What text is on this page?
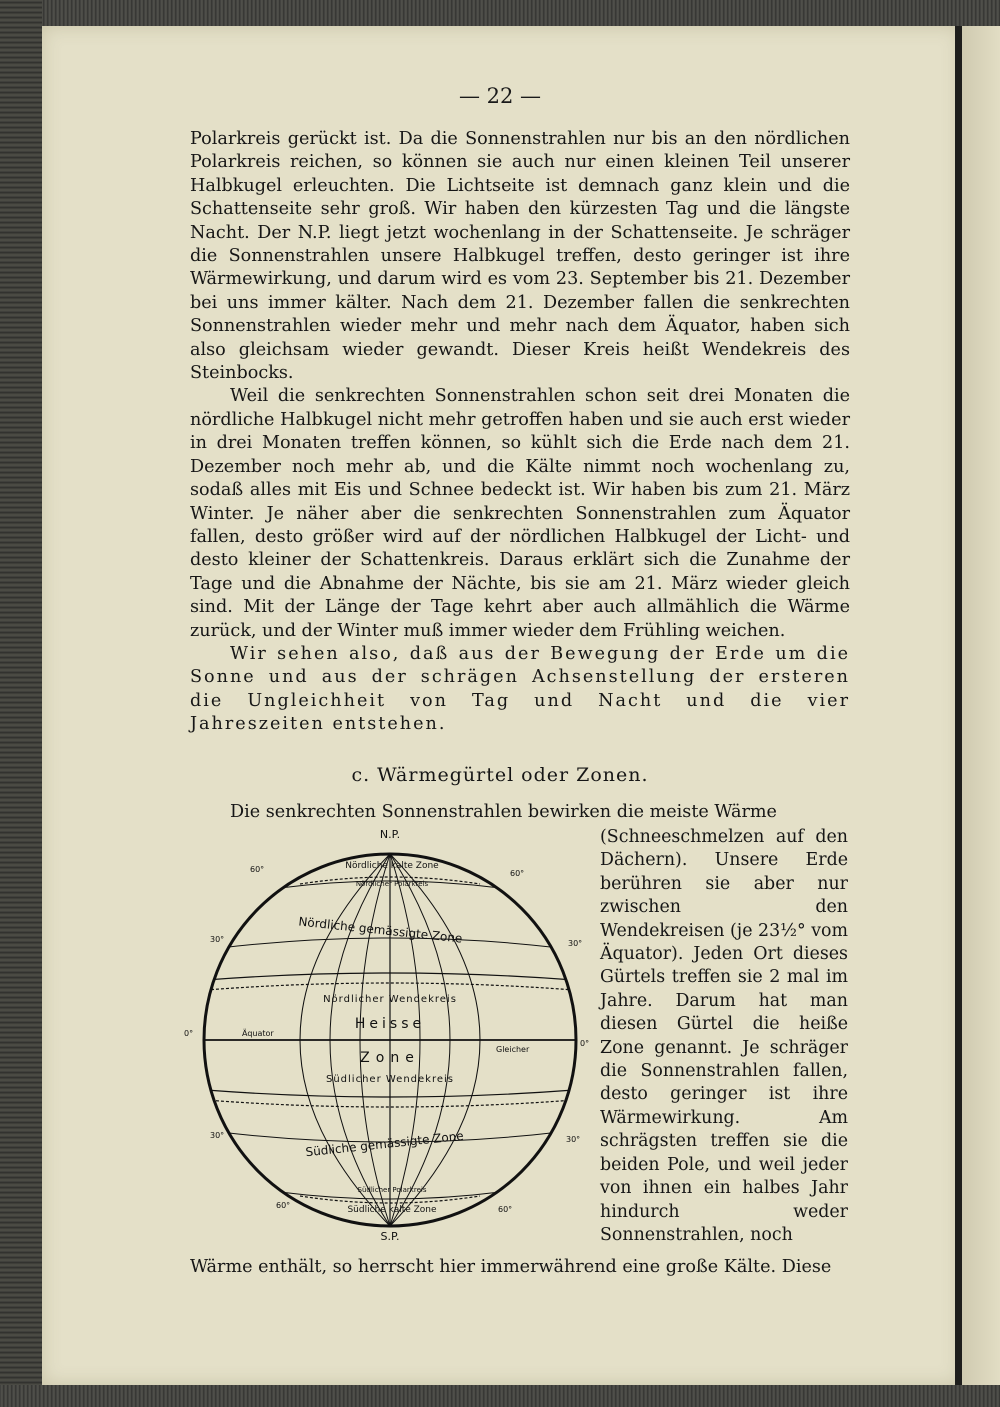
— 22 —

Polarkreis gerückt ist. Da die Sonnenstrahlen nur bis an den nördlichen Polarkreis reichen, so können sie auch nur einen kleinen Teil unserer Halbkugel erleuchten. Die Lichtseite ist demnach ganz klein und die Schattenseite sehr groß. Wir haben den kürzesten Tag und die längste Nacht. Der N.P. liegt jetzt wochenlang in der Schattenseite. Je schräger die Sonnenstrahlen unsere Halbkugel treffen, desto geringer ist ihre Wärmewirkung, und darum wird es vom 23. September bis 21. Dezember bei uns immer kälter. Nach dem 21. Dezember fallen die senkrechten Sonnenstrahlen wieder mehr und mehr nach dem Äquator, haben sich also gleichsam wieder gewandt. Dieser Kreis heißt Wendekreis des Steinbocks.

Weil die senkrechten Sonnenstrahlen schon seit drei Monaten die nördliche Halbkugel nicht mehr getroffen haben und sie auch erst wieder in drei Monaten treffen können, so kühlt sich die Erde nach dem 21. Dezember noch mehr ab, und die Kälte nimmt noch wochenlang zu, sodaß alles mit Eis und Schnee bedeckt ist. Wir haben bis zum 21. März Winter. Je näher aber die senkrechten Sonnenstrahlen zum Äquator fallen, desto größer wird auf der nördlichen Halbkugel der Licht- und desto kleiner der Schattenkreis. Daraus erklärt sich die Zunahme der Tage und die Abnahme der Nächte, bis sie am 21. März wieder gleich sind. Mit der Länge der Tage kehrt aber auch allmählich die Wärme zurück, und der Winter muß immer wieder dem Frühling weichen.

Wir sehen also, daß aus der Bewegung der Erde um die Sonne und aus der schrägen Achsenstellung der ersteren die Ungleichheit von Tag und Nacht und die vier Jahreszeiten entstehen.

c. Wärmegürtel oder Zonen.
Die senkrechten Sonnenstrahlen bewirken die meiste Wärme
N.P.
S.P.
60°	60°
30°	30°
0°
0°
30°	30°
60°	60°
Nördliche kalte Zone
Nördlicher Polarkreis
Nördliche gemässigte Zone
Nördlicher Wendekreis
Heisse
Zone
Äquator
Gleicher
Südlicher Wendekreis
Südliche gemässigte Zone
Südlicher Polarkreis
Südliche kalte Zone

(Schneeschmelzen auf den Dächern). Unsere Erde berühren sie aber nur zwischen den Wendekreisen (je 23½° vom Äquator). Jeden Ort dieses Gürtels treffen sie 2 mal im Jahre. Darum hat man diesen Gürtel die heiße Zone genannt. Je schräger die Sonnenstrahlen fallen, desto geringer ist ihre Wärmewirkung. Am schrägsten treffen sie die beiden Pole, und weil jeder von ihnen ein halbes Jahr hindurch weder Sonnenstrahlen, noch

Wärme enthält, so herrscht hier immerwährend eine große Kälte. Diese
